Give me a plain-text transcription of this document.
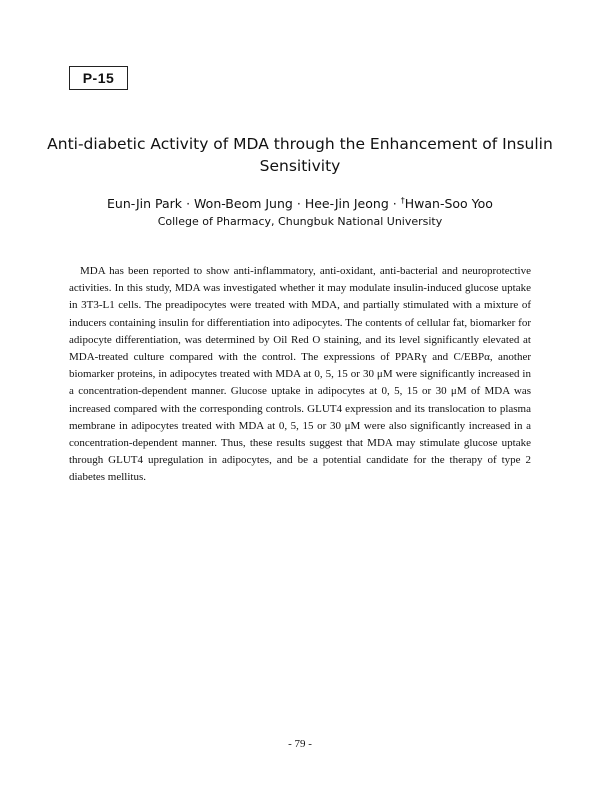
P-15
Anti-diabetic Activity of MDA through the Enhancement of Insulin Sensitivity
Eun-Jin Park · Won-Beom Jung · Hee-Jin Jeong · †Hwan-Soo Yoo
College of Pharmacy, Chungbuk National University

MDA has been reported to show anti-inflammatory, anti-oxidant, anti-bacterial and neuroprotective activities. In this study, MDA was investigated whether it may modulate insulin-induced glucose uptake in 3T3-L1 cells. The preadipocytes were treated with MDA, and partially stimulated with a mixture of inducers containing insulin for differentiation into adipocytes. The contents of cellular fat, biomarker for adipocyte differentiation, was determined by Oil Red O staining, and its level significantly elevated at MDA-treated culture compared with the control. The expressions of PPARɣ and C/EBPα, another biomarker proteins, in adipocytes treated with MDA at 0, 5, 15 or 30 μM were significantly increased in a concentration-dependent manner. Glucose uptake in adipocytes at 0, 5, 15 or 30 μM of MDA was increased compared with the corresponding controls. GLUT4 expression and its translocation to plasma membrane in adipocytes treated with MDA at 0, 5, 15 or 30 μM were also significantly increased in a concentration-dependent manner. Thus, these results suggest that MDA may stimulate glucose uptake through GLUT4 upregulation in adipocytes, and be a potential candidate for the therapy of type 2 diabetes mellitus.

- 79 -
